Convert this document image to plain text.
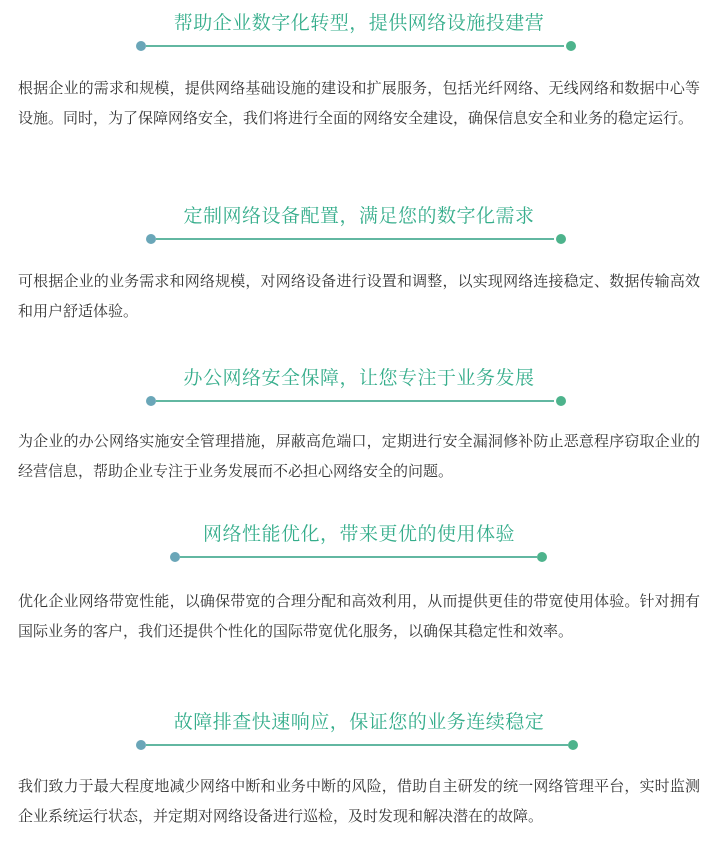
帮助企业数字化转型，提供网络设施投建营
根据企业的需求和规模，提供网络基础设施的建设和扩展服务，包括光纤网络、无线网络和数据中心等设施。同时，为了保障网络安全，我们将进行全面的网络安全建设，确保信息安全和业务的稳定运行。
定制网络设备配置，满足您的数字化需求
可根据企业的业务需求和网络规模，对网络设备进行设置和调整，以实现网络连接稳定、数据传输高效和用户舒适体验。
办公网络安全保障，让您专注于业务发展
为企业的办公网络实施安全管理措施，屏蔽高危端口，定期进行安全漏洞修补防止恶意程序窃取企业的经营信息，帮助企业专注于业务发展而不必担心网络安全的问题。
网络性能优化，带来更优的使用体验
优化企业网络带宽性能，以确保带宽的合理分配和高效利用，从而提供更佳的带宽使用体验。针对拥有国际业务的客户，我们还提供个性化的国际带宽优化服务，以确保其稳定性和效率。
故障排查快速响应，保证您的业务连续稳定
我们致力于最大程度地减少网络中断和业务中断的风险，借助自主研发的统一网络管理平台，实时监测企业系统运行状态，并定期对网络设备进行巡检，及时发现和解决潜在的故障。
